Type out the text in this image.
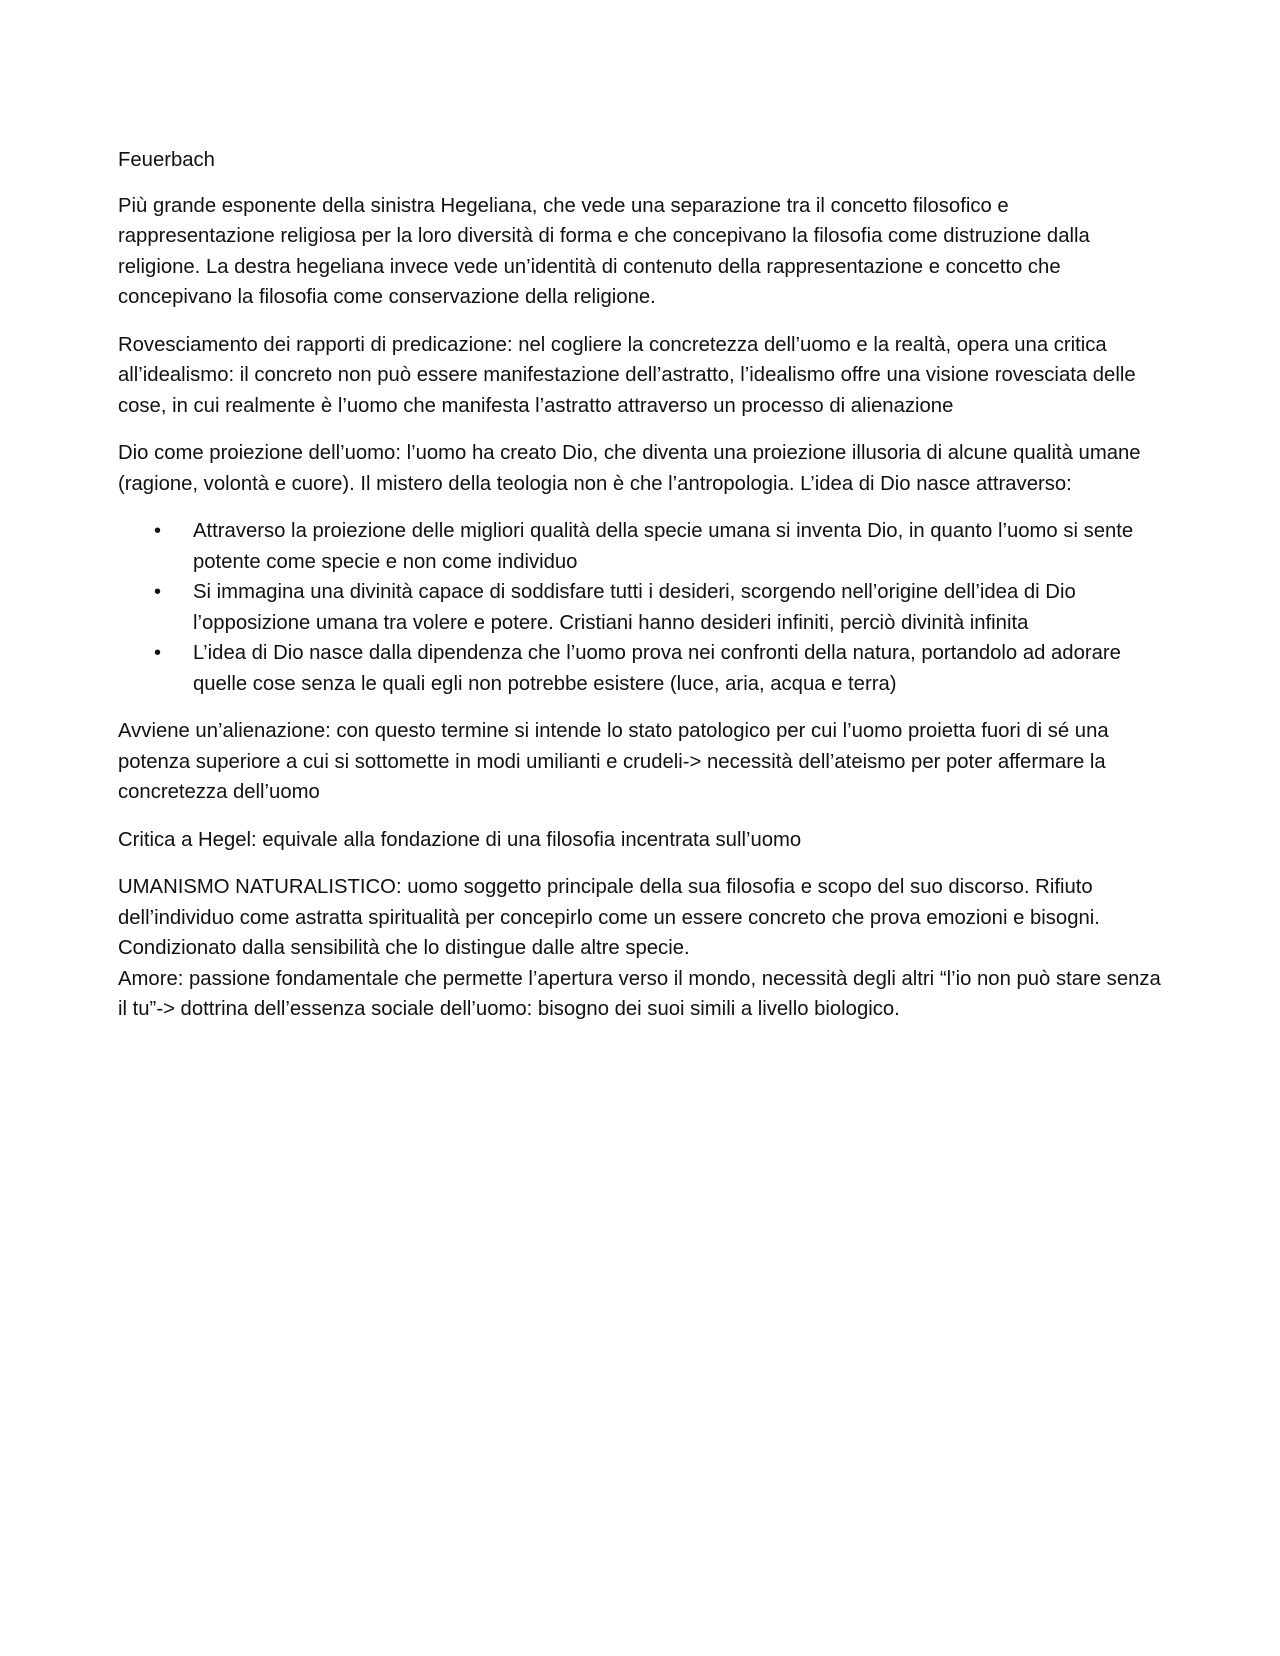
Feuerbach

Più grande esponente della sinistra Hegeliana, che vede una separazione tra il concetto filosofico e rappresentazione religiosa per la loro diversità di forma e che concepivano la filosofia come distruzione dalla religione. La destra hegeliana invece vede un’identità di contenuto della rappresentazione e concetto che concepivano la filosofia come conservazione della religione.

Rovesciamento dei rapporti di predicazione: nel cogliere la concretezza dell’uomo e la realtà, opera una critica all’idealismo: il concreto non può essere manifestazione dell’astratto, l’idealismo offre una visione rovesciata delle cose, in cui realmente è l’uomo che manifesta l’astratto attraverso un processo di alienazione

Dio come proiezione dell’uomo: l’uomo ha creato Dio, che diventa una proiezione illusoria di alcune qualità umane (ragione, volontà e cuore). Il mistero della teologia non è che l’antropologia. L’idea di Dio nasce attraverso:

• Attraverso la proiezione delle migliori qualità della specie umana si inventa Dio, in quanto l’uomo si sente potente come specie e non come individuo
• Si immagina una divinità capace di soddisfare tutti i desideri, scorgendo nell’origine dell’idea di Dio l’opposizione umana tra volere e potere. Cristiani hanno desideri infiniti, perciò divinità infinita
• L’idea di Dio nasce dalla dipendenza che l’uomo prova nei confronti della natura, portandolo ad adorare quelle cose senza le quali egli non potrebbe esistere (luce, aria, acqua e terra)

Avviene un’alienazione: con questo termine si intende lo stato patologico per cui l’uomo proietta fuori di sé una potenza superiore a cui si sottomette in modi umilianti e crudeli-> necessità dell’ateismo per poter affermare la concretezza dell’uomo

Critica a Hegel: equivale alla fondazione di una filosofia incentrata sull’uomo

UMANISMO NATURALISTICO: uomo soggetto principale della sua filosofia e scopo del suo discorso. Rifiuto dell’individuo come astratta spiritualità per concepirlo come un essere concreto che prova emozioni e bisogni. Condizionato dalla sensibilità che lo distingue dalle altre specie.

Amore: passione fondamentale che permette l’apertura verso il mondo, necessità degli altri “l’io non può stare senza il tu”-> dottrina dell’essenza sociale dell’uomo: bisogno dei suoi simili a livello biologico.
